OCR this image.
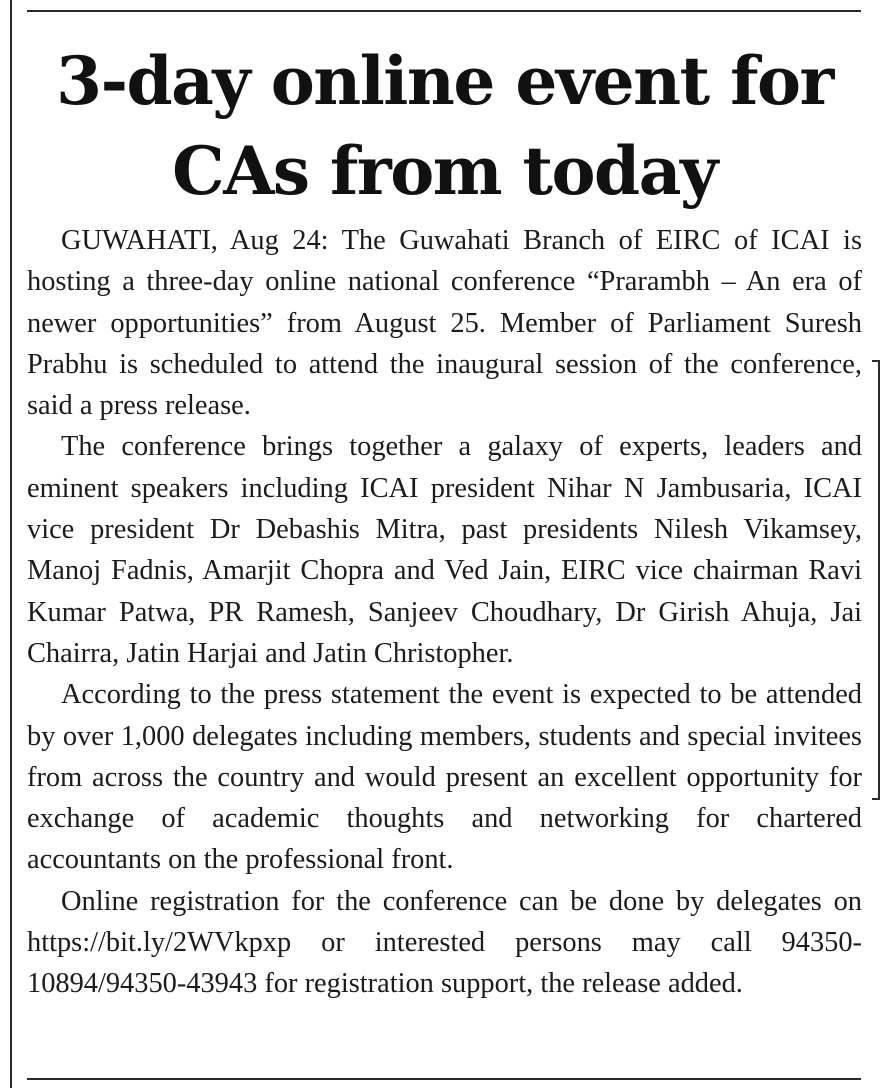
3-day online event for
CAs from today

GUWAHATI, Aug 24: The Guwahati Branch of EIRC of ICAI is hosting a three-day online national conference “Prarambh – An era of newer opportunities” from August 25. Member of Parliament Suresh Prabhu is scheduled to attend the inaugural session of the conference, said a press release.

The conference brings together a galaxy of experts, leaders and eminent speakers including ICAI president Nihar N Jambusaria, ICAI vice president Dr Debashis Mitra, past presidents Nilesh Vikamsey, Manoj Fadnis, Amarjit Chopra and Ved Jain, EIRC vice chairman Ravi Kumar Patwa, PR Ramesh, Sanjeev Choudhary, Dr Girish Ahuja, Jai Chairra, Jatin Harjai and Jatin Christopher.

According to the press statement the event is expected to be attended by over 1,000 delegates including members, students and special invitees from across the country and would present an excellent opportunity for exchange of academic thoughts and networking for chartered accountants on the professional front.

Online registration for the conference can be done by delegates on https://bit.ly/2WVkpxp or interested persons may call 94350-10894/94350-43943 for registration support, the release added.
